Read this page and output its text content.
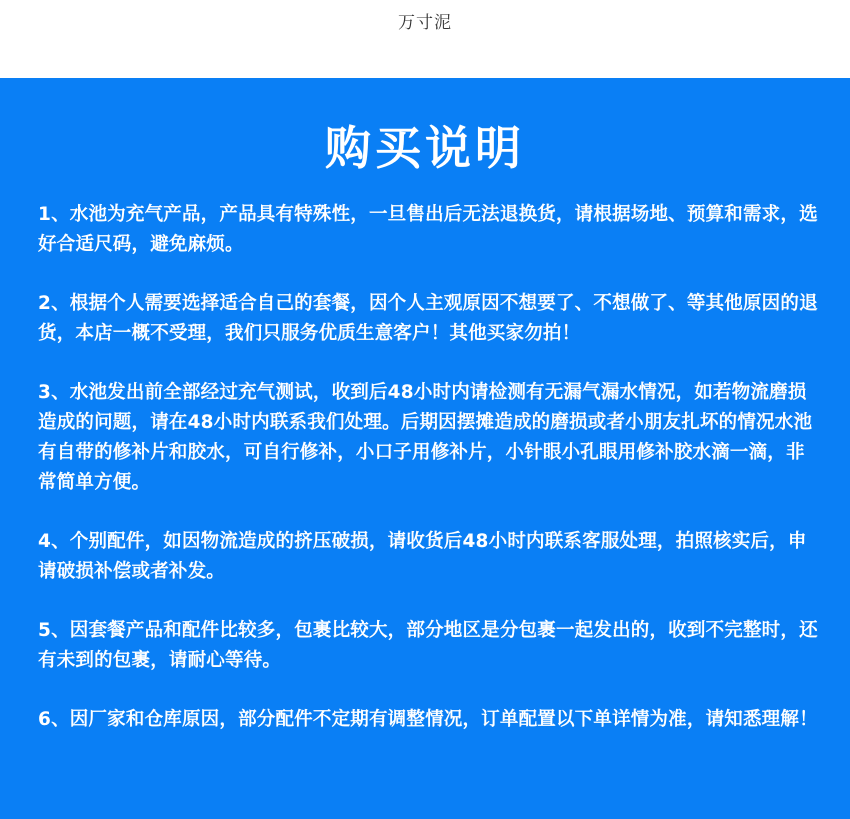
万寸泥
购买说明

1、水池为充气产品，产品具有特殊性，一旦售出后无法退换货，请根据场地、预算和需求，选好合适尺码，避免麻烦。

2、根据个人需要选择适合自己的套餐，因个人主观原因不想要了、不想做了、等其他原因的退货，本店一概不受理，我们只服务优质生意客户！其他买家勿拍！

3、水池发出前全部经过充气测试，收到后48小时内请检测有无漏气漏水情况，如若物流磨损造成的问题，请在48小时内联系我们处理。后期因摆摊造成的磨损或者小朋友扎坏的情况水池有自带的修补片和胶水，可自行修补，小口子用修补片，小针眼小孔眼用修补胶水滴一滴，非常简单方便。

4、个别配件，如因物流造成的挤压破损，请收货后48小时内联系客服处理，拍照核实后，申请破损补偿或者补发。

5、因套餐产品和配件比较多，包裹比较大，部分地区是分包裹一起发出的，收到不完整时，还有未到的包裹，请耐心等待。

6、因厂家和仓库原因，部分配件不定期有调整情况，订单配置以下单详情为准，请知悉理解！
